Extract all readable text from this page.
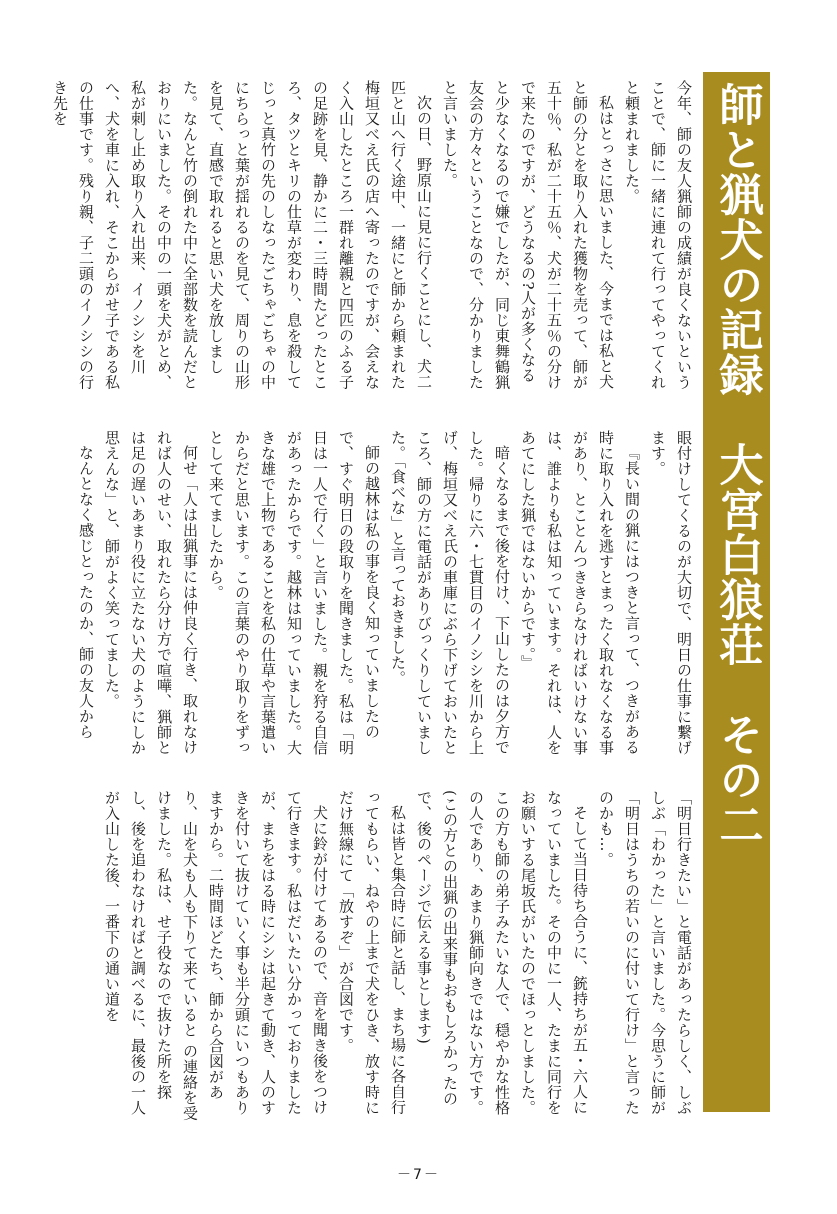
師と猟犬の記録　大宮白狼荘　その二

今年、師の友人猟師の成績が良くないということで、師に一緒に連れて行ってやってくれと頼まれました。

私はとっさに思いました、今までは私と犬と師の分とを取り入れた獲物を売って、師が五十％、私が二十五％、犬が二十五％の分けで来たのですが、どうなるの?人が多くなると少なくなるので嫌でしたが、同じ東舞鶴猟友会の方々ということなので、分かりましたと言いました。

次の日、野原山に見に行くことにし、犬二匹と山へ行く途中、一緒にと師から頼まれた梅垣又べえ氏の店へ寄ったのですが、会えなく入山したところ一群れ離親と四匹のふる子の足跡を見、静かに二・三時間たどったところ、タツとキリの仕草が変わり、息を殺してじっと真竹の先のしなったごちゃごちゃの中にちらっと葉が揺れるのを見て、周りの山形を見て、直感で取れると思い犬を放しました。なんと竹の倒れた中に全部数を読んだとおりにいました。その中の一頭を犬がとめ、私が刺し止め取り入れ出来、イノシシを川へ、犬を車に入れ、そこからがせ子である私の仕事です。残り親、子二頭のイノシシの行き先を

眼付けしてくるのが大切で、明日の仕事に繋げます。

『長い間の猟にはつきと言って、つきがある時に取り入れを逃すとまったく取れなくなる事があり、とことんつききらなければいけない事は、誰よりも私は知っています。それは、人をあてにした猟ではないからです。』

暗くなるまで後を付け、下山したのは夕方でした。帰りに六・七貫目のイノシシを川から上げ、梅垣又べえ氏の車庫にぶら下げておいたところ、師の方に電話がありびっくりしていました。「食べな」と言っておきました。

師の越林は私の事を良く知っていましたので、すぐ明日の段取りを聞きました。私は「明日は一人で行く」と言いました。親を狩る自信があったからです。越林は知っていました。大きな雄で上物であることを私の仕草や言葉遣いからだと思います。この言葉のやり取りをずっとして来てましたから。

何せ「人は出猟事には仲良く行き、取れなければ人のせい、取れたら分け方で喧嘩、猟師とは足の遅いあまり役に立たない犬のようにしか思えんな」と、師がよく笑ってました。

なんとなく感じとったのか、師の友人から

「明日行きたい」と電話があったらしく、しぶしぶ「わかった」と言いました。今思うに師が「明日はうちの若いのに付いて行け」と言ったのかも…。

そして当日待ち合うに、銃持ちが五・六人になっていました。その中に一人、たまに同行をお願いする尾坂氏がいたのでほっとしました。この方も師の弟子みたいな人で、穏やかな性格の人であり、あまり猟師向きではない方です。(この方との出猟の出来事もおもしろかったので、後のページで伝える事とします)

私は皆と集合時に師と話し、まち場に各自行ってもらい、ねやの上まで犬をひき、放す時にだけ無線にて「放すぞ」が合図です。

犬に鈴が付けてあるので、音を聞き後をつけて行きます。私はだいたい分かっておりましたが、まちをはる時にシシは起きて動き、人のすきを付いて抜けていく事も半分頭にいつもありますから。二時間ほどたち、師から合図があり、山を犬も人も下りて来ていると の連絡を受けました。私は、せ子役なので抜けた所を探し、後を追わなければと調べるに、最後の一人が入山した後、一番下の通い道を

－7－
